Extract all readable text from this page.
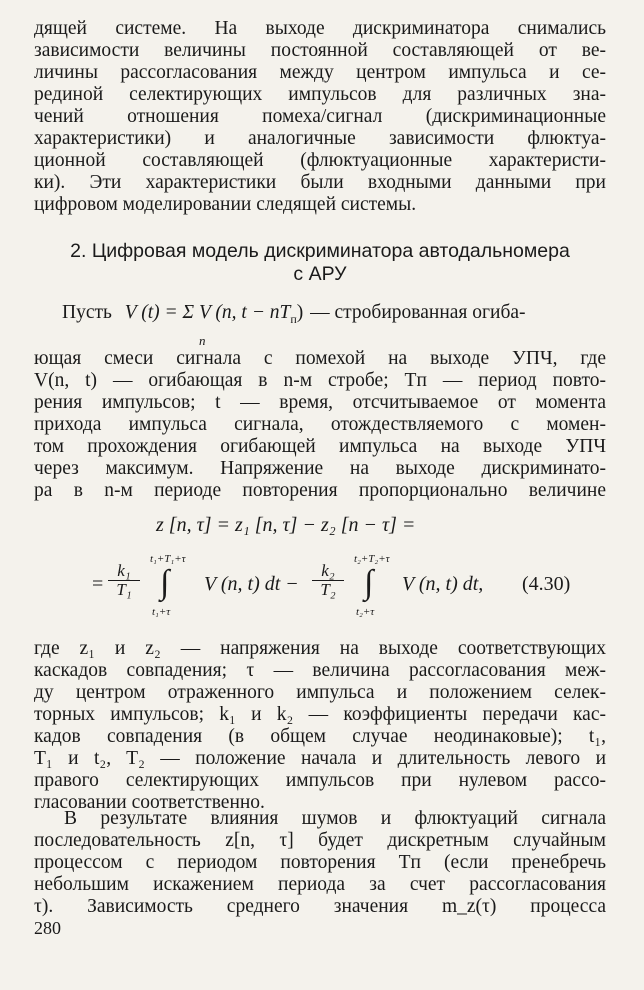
дящей системе. На выходе дискриминатора снимались
зависимости величины постоянной составляющей от ве-
личины рассогласования между центром импульса и се-
рединой селектирующих импульсов для различных зна-
чений отношения помеха/сигнал (дискриминационные
характеристики) и аналогичные зависимости флюктуа-
ционной составляющей (флюктуационные характеристи-
ки). Эти характеристики были входными данными при
цифровом моделировании следящей системы.
2. Цифровая модель дискриминатора автодальномера
с АРУ
Пусть V (t) = Σ V (n, $t - nT_п$) — стробированная огиба-
n
ющая смеси сигнала с помехой на выходе УПЧ, где
V(n, t) — огибающая в n-м стробе; Tп — период повто-
рения импульсов; t — время, отсчитываемое от момента
прихода импульса сигнала, отождествляемого с момен-
том прохождения огибающей импульса на выходе УПЧ
через максимум. Напряжение на выходе дискриминато-
ра в n-м периоде повторения пропорционально величине
z [n, τ] = z₁ [n, τ] − z₂ [n − τ] =
= $\frac{\text{k₁}}{\text{T₁}}$
t₁+T₁+τ
∫
t₁+τ
V (n, t) dt − $\frac{\text{k₂}}{\text{T₂}}$
t₂+T₂+τ
∫
t₂+τ
V (n, t) dt, (4.30)
где z₁ и z₂ — напряжения на выходе соответствующих
каскадов совпадения; τ — величина рассогласования меж-
ду центром отраженного импульса и положением селек-
торных импульсов; k₁ и k₂ — коэффициенты передачи кас-
кадов совпадения (в общем случае неодинаковые); t₁,
T₁ и t₂, T₂ — положение начала и длительность левого и
правого селектирующих импульсов при нулевом рассо-
гласовании соответственно.
В результате влияния шумов и флюктуаций сигнала
последовательность z[n, τ] будет дискретным случайным
процессом с периодом повторения Tп (если пренебречь
небольшим искажением периода за счет рассогласования
τ). Зависимость среднего значения m_z(τ) процесса
280
